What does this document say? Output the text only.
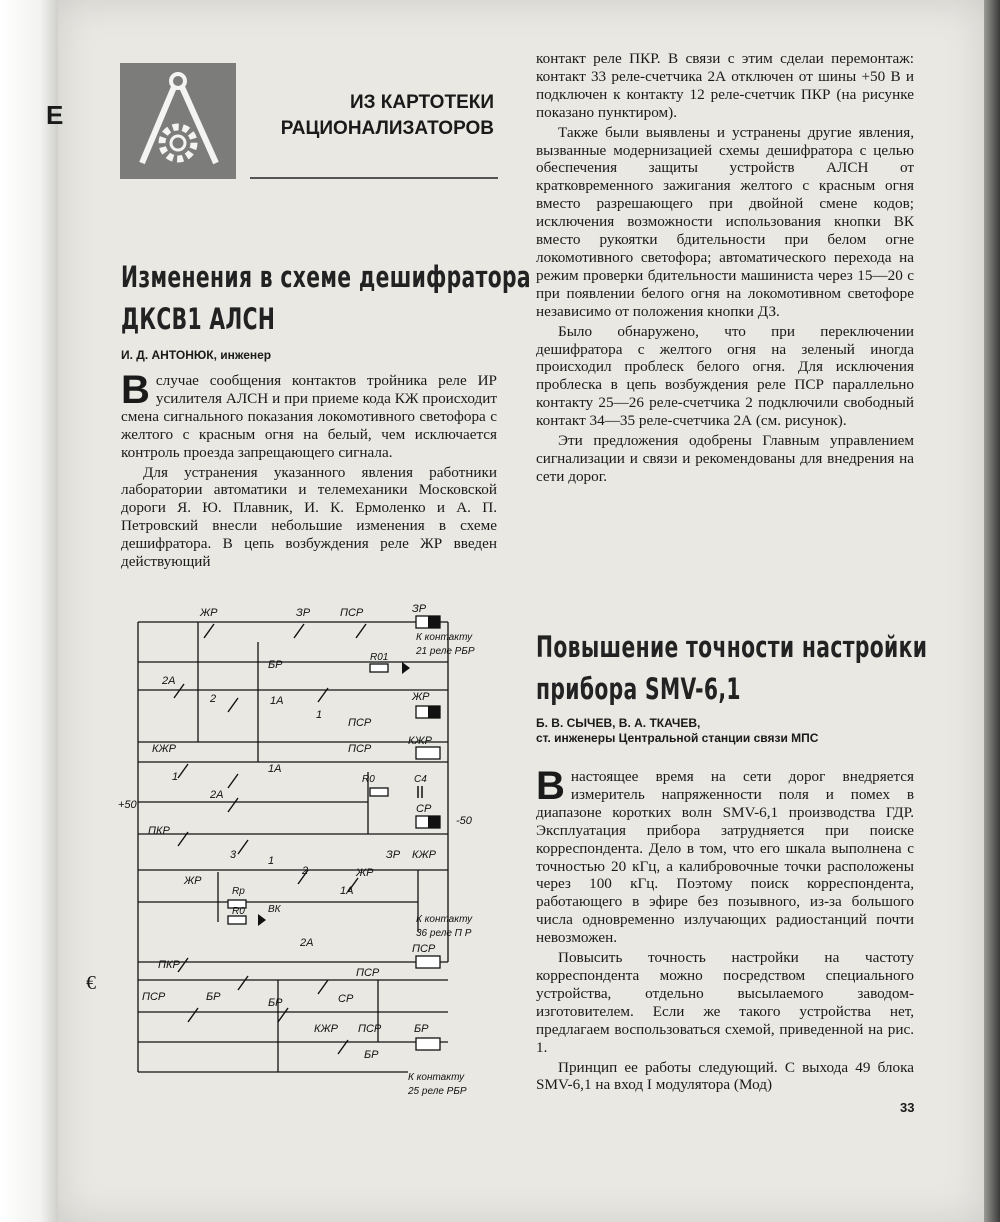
Е
€
ИЗ КАРТОТЕКИ
РАЦИОНАЛИЗАТОРОВ
Изменения в схеме дешифратора
ДКСВ1 АЛСН
И. Д. АНТОНЮК, инженер

Вслучае сообщения контактов тройника реле ИР усилителя АЛСН и при приеме кода КЖ происходит смена сигнального показания локомотивного светофора с желтого с красным огня на белый, чем исключается контроль проезда запрещающего сигнала.

Для устранения указанного явления работники лаборатории автоматики и телемеханики Московской дороги Я. Ю. Плавник, И. К. Ермоленко и А. П. Петровский внесли небольшие изменения в схеме дешифратора. В цепь возбуждения реле ЖР введен действующий

контакт реле ПКР. В связи с этим сделаи перемонтаж: контакт 33 реле-счетчика 2А отключен от шины +50 В и подключен к контакту 12 реле-счетчик ПКР (на рисунке показано пунктиром).

Также были выявлены и устранены другие явления, вызванные модернизацией схемы дешифратора с целью обеспечения защиты устройств АЛСН от кратковременного зажигания желтого с красным огня вместо разрешающего при двойной смене кодов; исключения возможности использования кнопки ВК вместо рукоятки бдительности при белом огне локомотивного светофора; автоматического перехода на режим проверки бдительности машиниста через 15—20 с при появлении белого огня на локомотивном светофоре независимо от положения кнопки ДЗ.

Было обнаружено, что при переключении дешифратора с желтого огня на зеленый иногда происходил проблеск белого огня. Для исключения проблеска в цепь возбуждения реле ПСР параллельно контакту 25—26 реле-счетчика 2 подключили свободный контакт 34—35 реле-счетчика 2А (см. рисунок).

Эти предложения одобрены Главным управлением сигнализации и связи и рекомендованы для внедрения на сети дорог.

ЖР	ЗР	ПСР	ЗР
К контакту
21 реле РБР
БР
R01
2А
2	1А
1
ЖР
ПСР
КЖР	ПСР
КЖР
1
1А
R0	C4
2А
СР
+50
-50
ПКР
3	1
2
ЗР КЖР
ЖР
1А
ЖР
Rp
R0 ВК
К контакту
36 реле П Р
2А
ПКР
ПСР
ПСР
ПСР	БР	БР	СР
КЖР ПСР	БР
БР
К контакту
25 реле РБР
Повышение точности настройки
прибора SMV-6,1
Б. В. СЫЧЕВ, В. А. ТКАЧЕВ,
ст. инженеры Центральной станции связи МПС

Внастоящее время на сети дорог внедряется измеритель напряженности поля и помех в диапазоне коротких волн SMV-6,1 производства ГДР. Эксплуатация прибора затрудняется при поиске корреспондента. Дело в том, что его шкала выполнена с точностью 20 кГц, а калибровочные точки расположены через 100 кГц. Поэтому поиск корреспондента, работающего в эфире без позывного, из-за большого числа одновременно излучающих радиостанций почти невозможен.

Повысить точность настройки на частоту корреспондента можно посредством специального устройства, отдельно высылаемого заводом-изготовителем. Если же такого устройства нет, предлагаем воспользоваться схемой, приведенной на рис. 1.

Принцип ее работы следующий. С выхода 49 блока SMV-6,1 на вход I модулятора (Мод)

33
